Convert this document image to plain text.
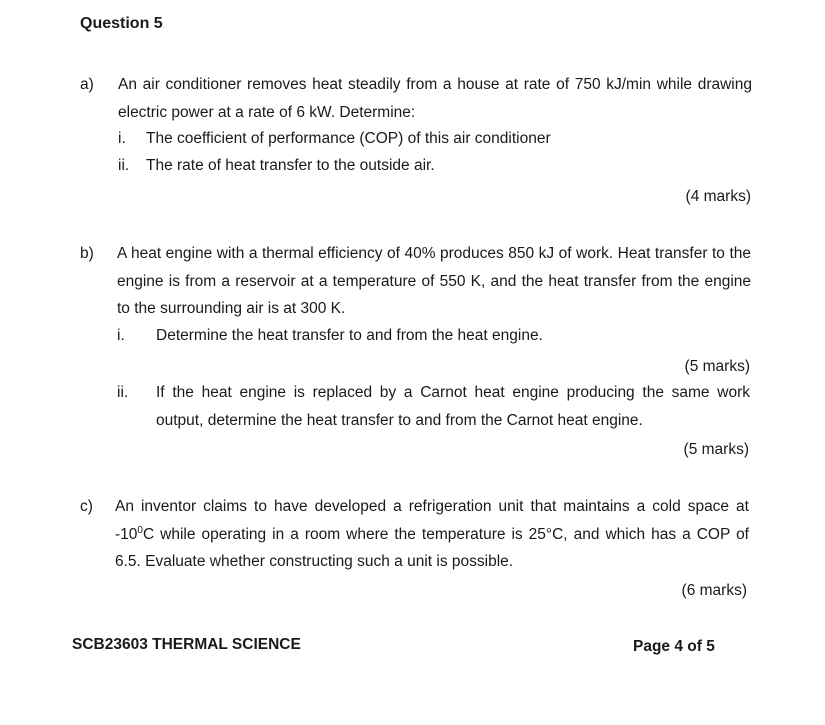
Question 5
a) An air conditioner removes heat steadily from a house at rate of 750 kJ/min while drawing electric power at a rate of 6 kW. Determine:
i. The coefficient of performance (COP) of this air conditioner
ii. The rate of heat transfer to the outside air.
(4 marks)
b) A heat engine with a thermal efficiency of 40% produces 850 kJ of work. Heat transfer to the engine is from a reservoir at a temperature of 550 K, and the heat transfer from the engine to the surrounding air is at 300 K.
i. Determine the heat transfer to and from the heat engine.
(5 marks)
ii. If the heat engine is replaced by a Carnot heat engine producing the same work output, determine the heat transfer to and from the Carnot heat engine.
(5 marks)
c) An inventor claims to have developed a refrigeration unit that maintains a cold space at $-10^0C$ while operating in a room where the temperature is 25°C, and which has a COP of 6.5. Evaluate whether constructing such a unit is possible.
(6 marks)
SCB23603 THERMAL SCIENCE	Page 4 of 5
